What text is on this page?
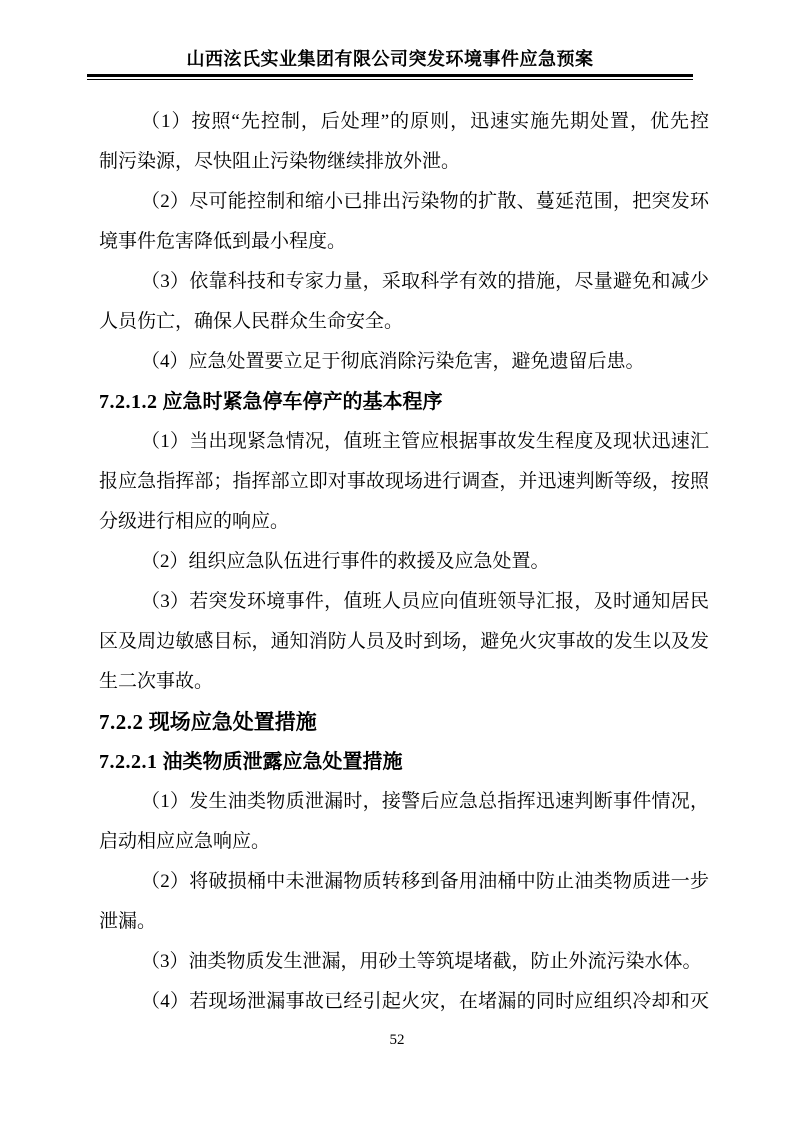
山西泫氏实业集团有限公司突发环境事件应急预案
（1）按照“先控制，后处理”的原则，迅速实施先期处置，优先控
制污染源，尽快阻止污染物继续排放外泄。
（2）尽可能控制和缩小已排出污染物的扩散、蔓延范围，把突发环
境事件危害降低到最小程度。
（3）依靠科技和专家力量，采取科学有效的措施，尽量避免和减少
人员伤亡，确保人民群众生命安全。
（4）应急处置要立足于彻底消除污染危害，避免遗留后患。
7.2.1.2 应急时紧急停车停产的基本程序
（1）当出现紧急情况，值班主管应根据事故发生程度及现状迅速汇
报应急指挥部；指挥部立即对事故现场进行调查，并迅速判断等级，按照
分级进行相应的响应。
（2）组织应急队伍进行事件的救援及应急处置。
（3）若突发环境事件，值班人员应向值班领导汇报，及时通知居民
区及周边敏感目标，通知消防人员及时到场，避免火灾事故的发生以及发
生二次事故。
7.2.2 现场应急处置措施
7.2.2.1 油类物质泄露应急处置措施
（1）发生油类物质泄漏时，接警后应急总指挥迅速判断事件情况，
启动相应应急响应。
（2）将破损桶中未泄漏物质转移到备用油桶中防止油类物质进一步
泄漏。
（3）油类物质发生泄漏，用砂土等筑堤堵截，防止外流污染水体。
（4）若现场泄漏事故已经引起火灾，在堵漏的同时应组织冷却和灭
52
